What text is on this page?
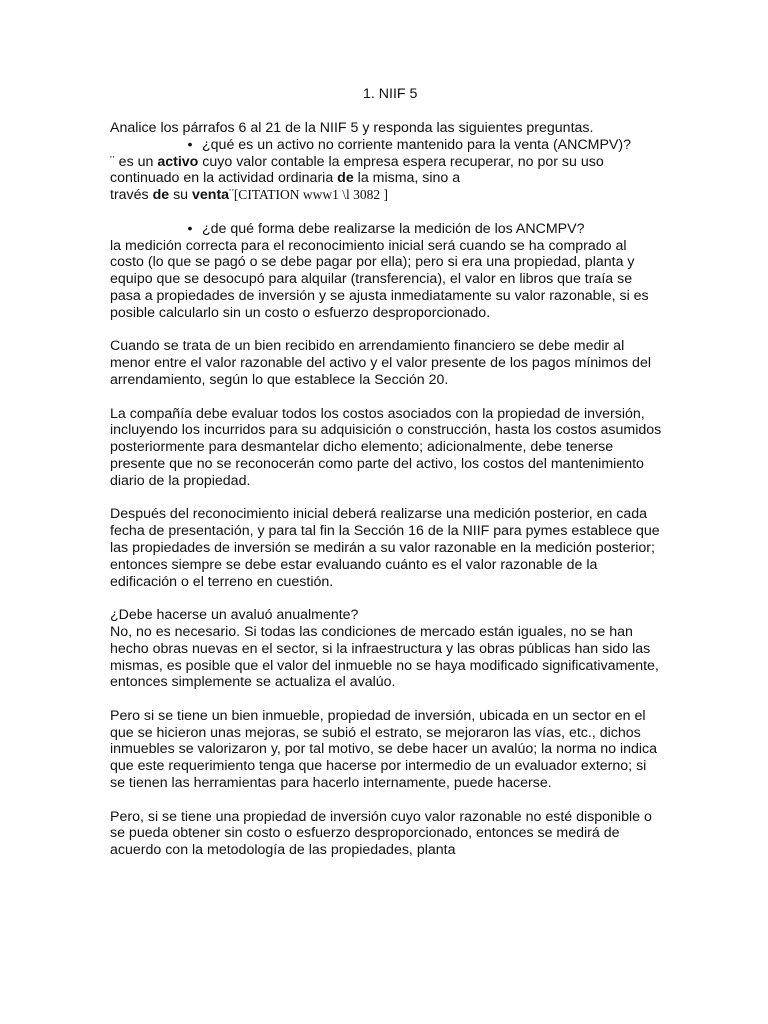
1. NIIF 5

Analice los párrafos 6 al 21 de la NIIF 5 y responda las siguientes preguntas.

• ¿qué es un activo no corriente mantenido para la venta (ANCMPV)?

¨ es un activo cuyo valor contable la empresa espera recuperar, no por su uso continuado en la actividad ordinaria de la misma, sino a
través de su venta¨[CITATION www1 \l 3082 ]

• ¿de qué forma debe realizarse la medición de los ANCMPV?

la medición correcta para el reconocimiento inicial será cuando se ha comprado al costo (lo que se pagó o se debe pagar por ella); pero si era una propiedad, planta y equipo que se desocupó para alquilar (transferencia), el valor en libros que traía se pasa a propiedades de inversión y se ajusta inmediatamente su valor razonable, si es posible calcularlo sin un costo o esfuerzo desproporcionado.

Cuando se trata de un bien recibido en arrendamiento financiero se debe medir al menor entre el valor razonable del activo y el valor presente de los pagos mínimos del arrendamiento, según lo que establece la Sección 20.

La compañía debe evaluar todos los costos asociados con la propiedad de inversión, incluyendo los incurridos para su adquisición o construcción, hasta los costos asumidos posteriormente para desmantelar dicho elemento; adicionalmente, debe tenerse presente que no se reconocerán como parte del activo, los costos del mantenimiento diario de la propiedad.

Después del reconocimiento inicial deberá realizarse una medición posterior, en cada fecha de presentación, y para tal fin la Sección 16 de la NIIF para pymes establece que las propiedades de inversión se medirán a su valor razonable en la medición posterior; entonces siempre se debe estar evaluando cuánto es el valor razonable de la edificación o el terreno en cuestión.

¿Debe hacerse un avaluó anualmente?

No, no es necesario. Si todas las condiciones de mercado están iguales, no se han hecho obras nuevas en el sector, si la infraestructura y las obras públicas han sido las mismas, es posible que el valor del inmueble no se haya modificado significativamente, entonces simplemente se actualiza el avalúo.

Pero si se tiene un bien inmueble, propiedad de inversión, ubicada en un sector en el que se hicieron unas mejoras, se subió el estrato, se mejoraron las vías, etc., dichos inmuebles se valorizaron y, por tal motivo, se debe hacer un avalúo; la norma no indica que este requerimiento tenga que hacerse por intermedio de un evaluador externo; si se tienen las herramientas para hacerlo internamente, puede hacerse.

Pero, si se tiene una propiedad de inversión cuyo valor razonable no esté disponible o se pueda obtener sin costo o esfuerzo desproporcionado, entonces se medirá de acuerdo con la metodología de las propiedades, planta
